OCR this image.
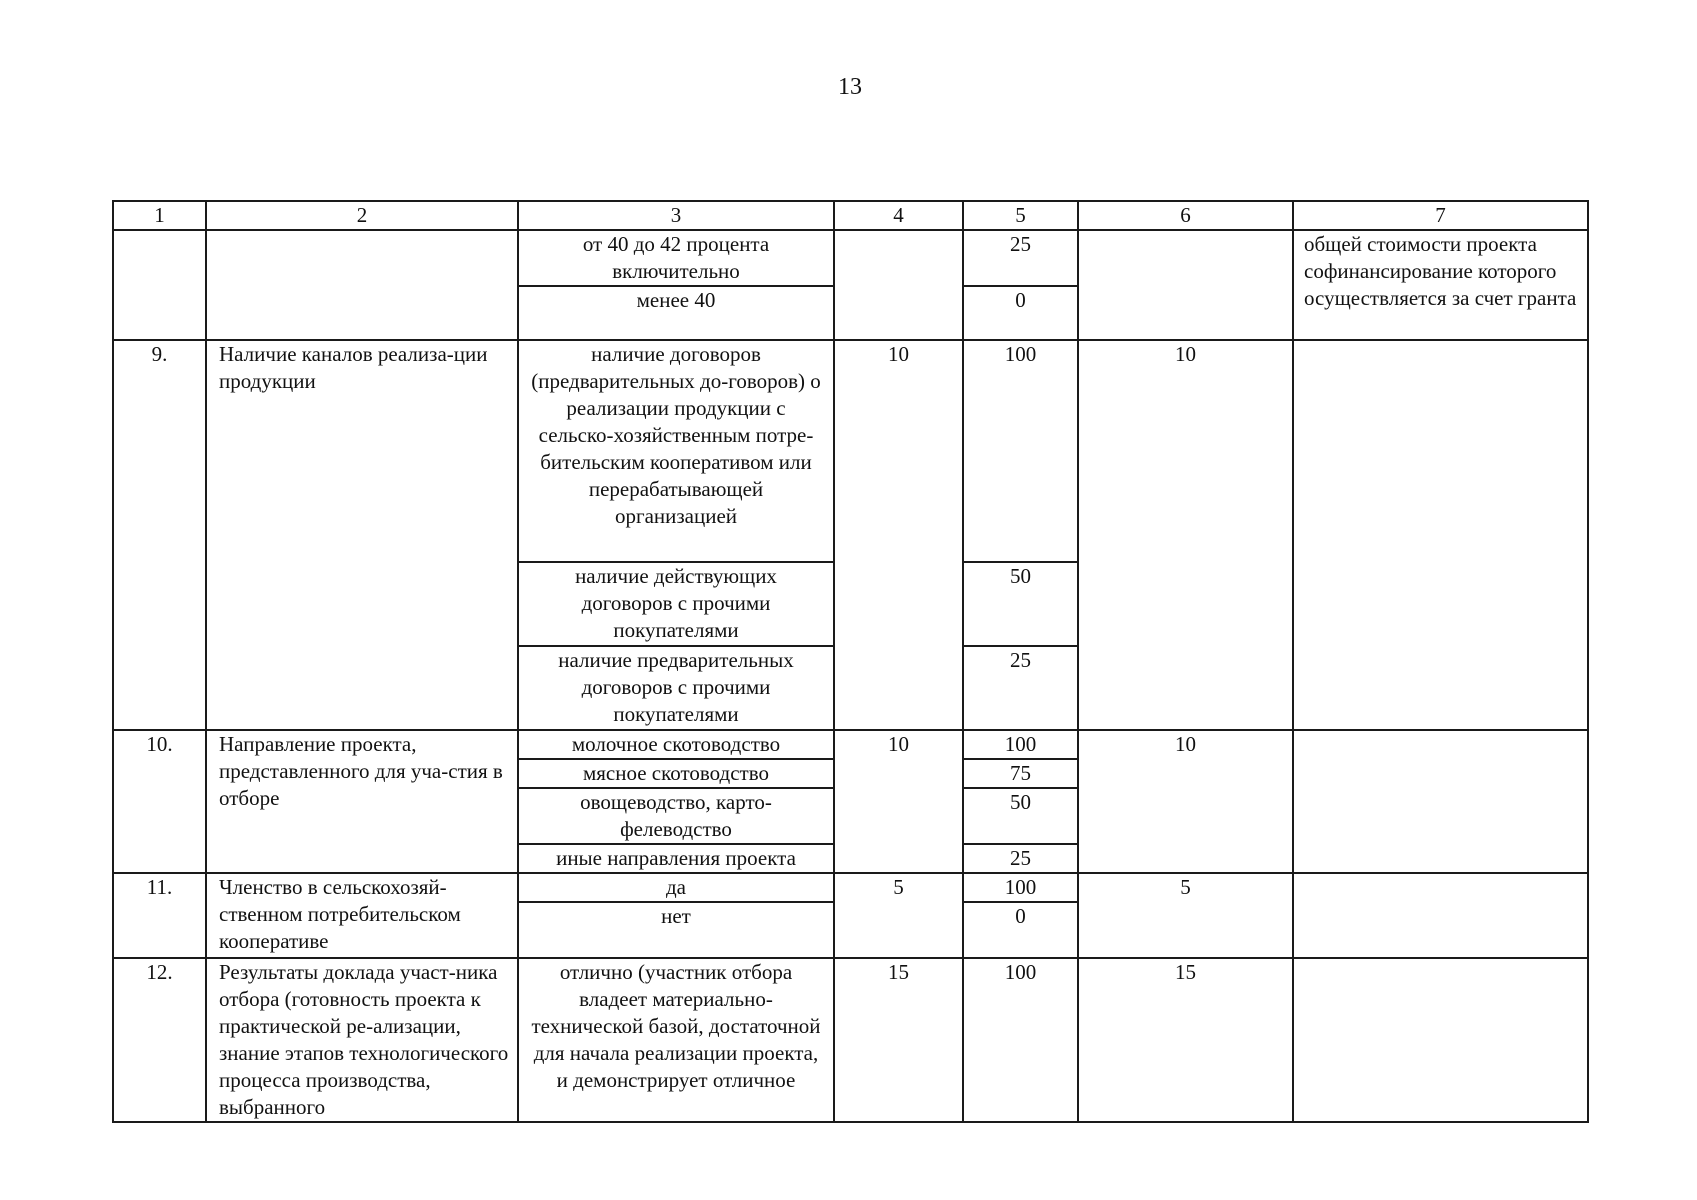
13
1	2	3	4	5	6	7
		от 40 до 42 процента включительно		25		общей стоимости проекта софинансирование которого осуществляется за счет гранта
		менее 40		0		
9.	Наличие каналов реализа-ции продукции	наличие договоров (предварительных до-говоров) о реализации продукции с сельско-хозяйственным потре-бительским кооперативом или перерабатывающей организацией	10	100	10	
		наличие действующих договоров с прочими покупателями		50		
		наличие предварительных договоров с прочими покупателями		25		
10.	Направление проекта, представленного для уча-стия в отборе	молочное скотоводство	10	100	10	
		мясное скотоводство		75		
		овощеводство, карто-фелеводство		50		
		иные направления проекта		25		
11.	Членство в сельскохозяй-ственном потребительском кооперативе	да	5	100	5	
		нет		0		
12.	Результаты доклада участ-ника отбора (готовность проекта к практической ре-ализации, знание этапов технологического процесса производства, выбранного	отлично (участник отбора владеет материально-технической базой, достаточной для начала реализации проекта, и демонстрирует отличное	15	100	15	
